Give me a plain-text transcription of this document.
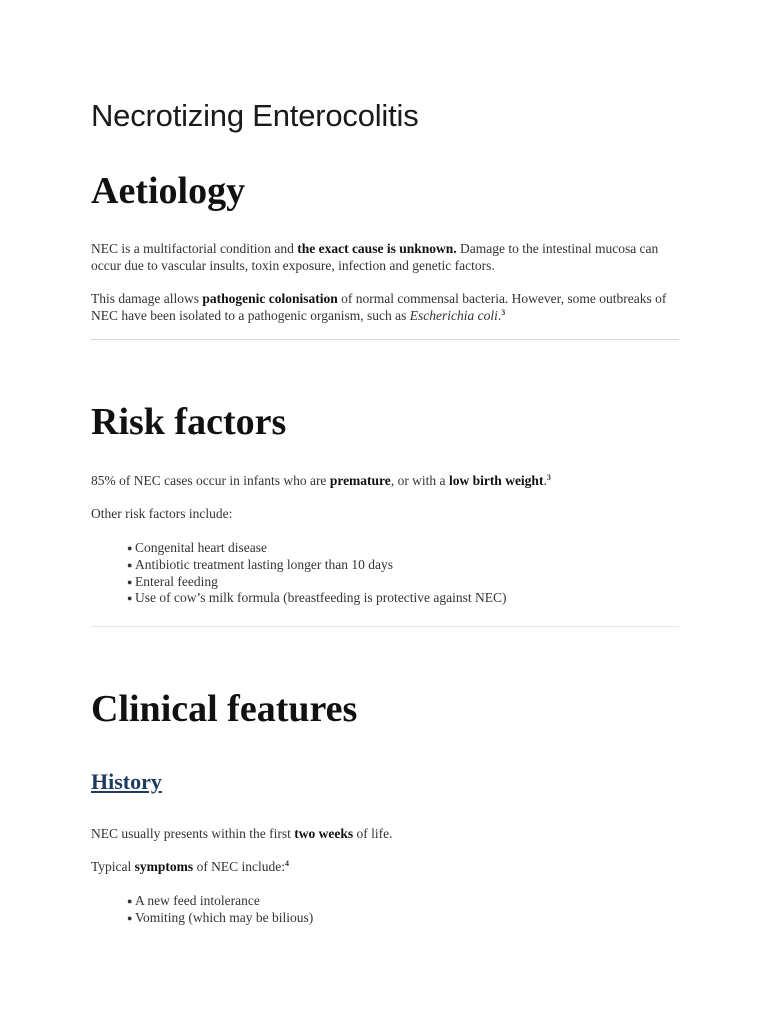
Necrotizing Enterocolitis
Aetiology

NEC is a multifactorial condition and the exact cause is unknown. Damage to the intestinal mucosa can occur due to vascular insults, toxin exposure, infection and genetic factors.

This damage allows pathogenic colonisation of normal commensal bacteria. However, some outbreaks of NEC have been isolated to a pathogenic organism, such as Escherichia coli.$^3$

Risk factors

85% of NEC cases occur in infants who are premature, or with a low birth weight.$^3$

Other risk factors include:

● Congenital heart disease
● Antibiotic treatment lasting longer than 10 days
● Enteral feeding
● Use of cow’s milk formula (breastfeeding is protective against NEC)
Clinical features
History

NEC usually presents within the first two weeks of life.

Typical symptoms of NEC include:$^4$

● A new feed intolerance
● Vomiting (which may be bilious)
